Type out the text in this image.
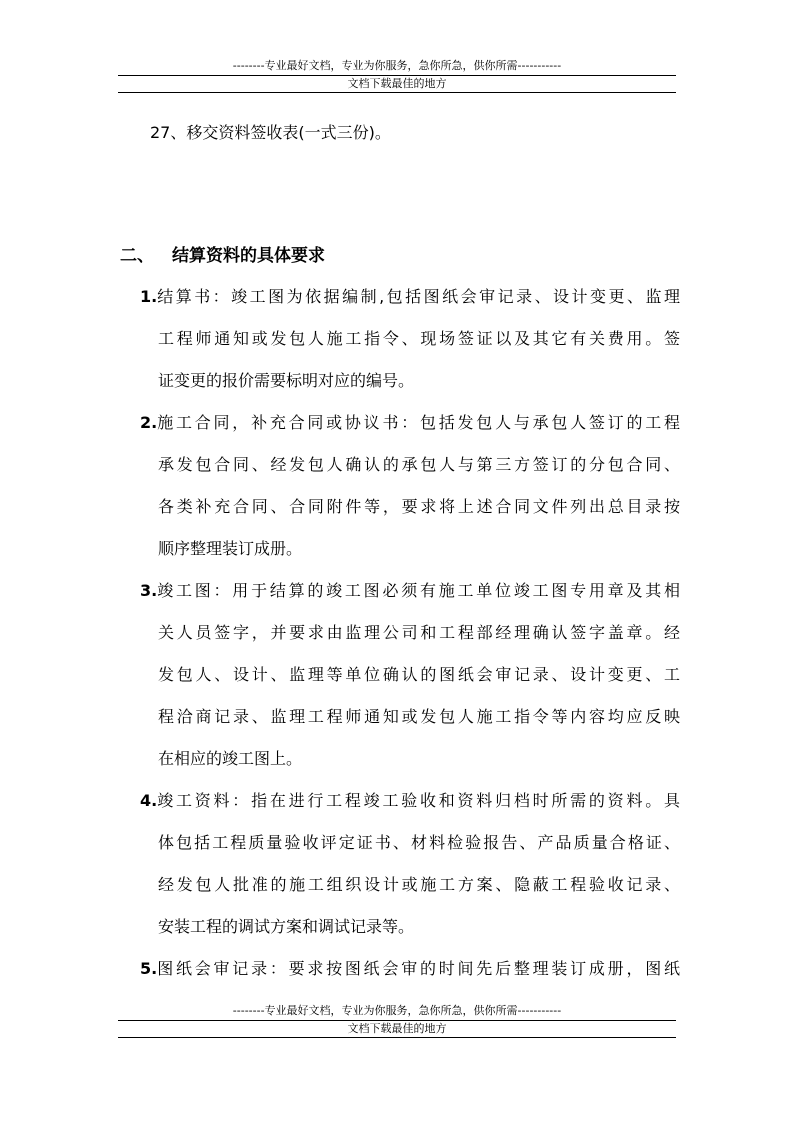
--------专业最好文档，专业为你服务，急你所急，供你所需-----------
文档下载最佳的地方
27、移交资料签收表(一式三份)。
二、 结算资料的具体要求
1. 结算书：竣工图为依据编制,包括图纸会审记录、设计变更、监理
工程师通知或发包人施工指令、现场签证以及其它有关费用。签
证变更的报价需要标明对应的编号。
2. 施工合同，补充合同或协议书：包括发包人与承包人签订的工程
承发包合同、经发包人确认的承包人与第三方签订的分包合同、
各类补充合同、合同附件等，要求将上述合同文件列出总目录按
顺序整理装订成册。
3. 竣工图：用于结算的竣工图必须有施工单位竣工图专用章及其相
关人员签字，并要求由监理公司和工程部经理确认签字盖章。经
发包人、设计、监理等单位确认的图纸会审记录、设计变更、工
程洽商记录、监理工程师通知或发包人施工指令等内容均应反映
在相应的竣工图上。
4. 竣工资料：指在进行工程竣工验收和资料归档时所需的资料。具
体包括工程质量验收评定证书、材料检验报告、产品质量合格证、
经发包人批准的施工组织设计或施工方案、隐蔽工程验收记录、
安装工程的调试方案和调试记录等。
5. 图纸会审记录：要求按图纸会审的时间先后整理装订成册，图纸
--------专业最好文档，专业为你服务，急你所急，供你所需-----------
文档下载最佳的地方
